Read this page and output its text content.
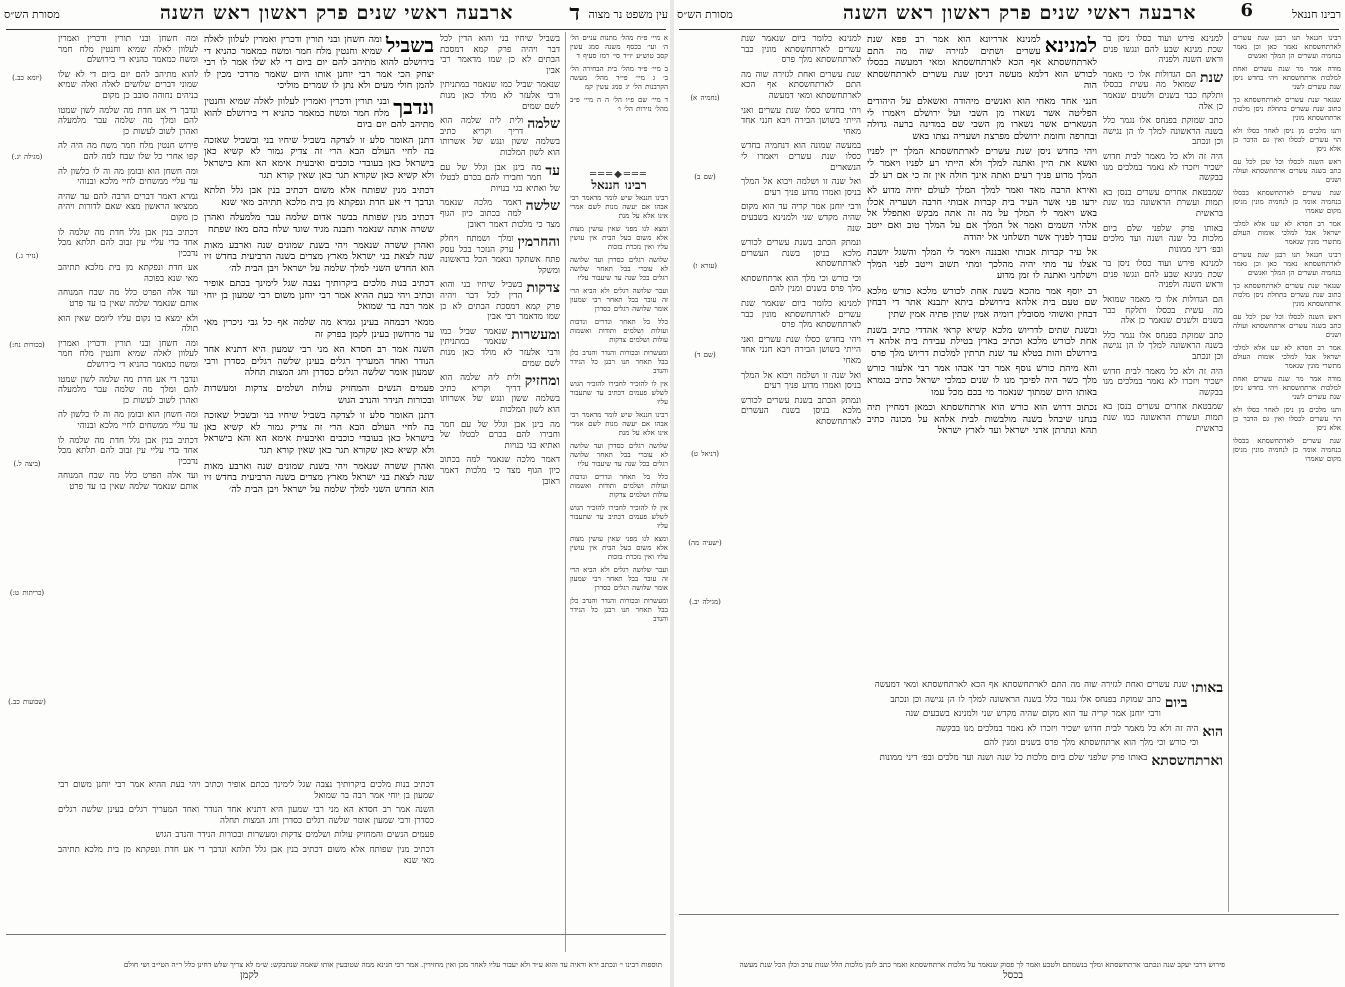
עין משפט נר מצוה
ד
ארבעה ראשי שנים פרק ראשון ראש השנה
מסורת הש״ס

א מיי׳ פ״ח מהל׳ מתנות עניים הל׳ ה׳ ועי׳ בכסף משנה סמג עשין קסב טוש״ע יו״ד סי׳ רמז סעיף ד

ב מיי׳ פ״ד מהל׳ בית הבחירה הל׳ ב׳ ג מיי׳ פי״ד מהל׳ מעשה הקרבנות הל׳ יג סמג עשין קמ

ד מיי׳ שם פ״ו הל׳ ה ה מיי׳ פ״ב מהל׳ נזירות הל׳ ו׳

═══◆═══
רבינו חננאל

רבינו חננאל שיש לומר מדאמר רבי אבהו אם יעשה מנות לשם אמרי אינו אלא על מנת

ומצא לנו מפני שאין עושין מצות אלא משום בעל הבית אין עושין עליו ואין נזכרת בזכות

שלושה רגלים כסדרן ועד שלושה לא עוברי בבל תאחר שלושה רגלים בכל שנה עד שיעבור עליו

ועבר שלושה רגלים ולא הביא הרי זה עובר בבל תאחר רבי שמעון אומר שלושה רגלים כסדרן

כלל בל תאחר ונדרים ונדבות ועולות ושלמים ותודות ואשמות עולות ושלמים צדקות

ומעשרות ובכורות והנדר והנדב כלן בבל תאחר תנו רבנן כל הנידר והנדב

אין לו להזכיר לחבירו להזכיר הגוש לשלש פעמים דכתיב עד שתעבור עליו

רבינו חננאל שיש לומר מדאמר רבי אבהו אם יעשה מנות לשם אמרי אינו אלא על מנת

שלושה רגלים כסדרן ועד שלושה לא עוברי בבל תאחר שלושה רגלים בכל שנה עד שיעבור עליו

כלל בל תאחר ונדרים ונדבות ועולות ושלמים ותודות ואשמות עולות ושלמים צדקות

אין לו להזכיר לחבירו להזכיר הגוש לשלש פעמים דכתיב עד שתעבור עליו

ומצא לנו מפני שאין עושין מצות אלא משום בעל הבית אין עושין עליו ואין נזכרת בזכות

ועבר שלושה רגלים ולא הביא הרי זה עובר בבל תאחר רבי שמעון אומר שלושה רגלים כסדרן

ומעשרות ובכורות והנדר והנדב כלן בבל תאחר תנו רבנן כל הנידר והנדב

בשביל שיחיו בני והוא הדין לכל דבר ויהיה פרק קמא דמסכת הבתים לא כן שמו מדאמר רבי אבין

שנאמר שביל כמו שנאמר במתניתין ורבי אלעזר לא מולד כאן מנות לשם שמים

שלמה

ולית ליה שלמה הוא דריך וקריא כתיב בשלמה ששון ונגש של אשרותו הוא לשון המלכות

עד

מה בינן אבן וגלל של עם חמר וחבירו להם בכרם לבטלו של ואתיא בגי בנויות

שלשה

דאמר מלכה שנאמר למה בכתוב כיון הגוף מצד כי מלכות דאמר ראובן

והחרמין

ומלך ושמתח ויחלק ערק הנזכר בכל עסק פתח אשתקד ונאמר הכל בראשונה ומשקל

צדקות

בשביל שיחיו בני והוא הדין לכל דבר ויהיה פרק קמא דמסכת הבתים לא כן שמו מדאמר רבי אבין

ומעשרות

שנאמר שביל כמו שנאמר במתניתין ורבי אלעזר לא מולד כאן מנות לשם שמים

ומחזיק

ולית ליה שלמה הוא דריך וקריא כתיב בשלמה ששון ונגש של אשרותו הוא לשון המלכות

מה בינן אבן וגלל של עם חמר וחבירו להם בכרם לבטלו של ואתיא בגי בנויות

דאמר מלכה שנאמר למה בכתוב כיון הגוף מצד כי מלכות דאמר ראובן

בשביל

ומה חשחן ובני תורין ודכרין ואמרין לעלוון לאלה שמיא וחנטין מלח חמר ומשח כמאמר כהניא די בירושלם להוא מתיהב להם יום ביום די לא שלו אמר לו רבי יצחק הכי אמר רבי יוחנן אותו היום שאמר מרדכי מכין לו להמן חולי מעים ולא נתן לו שמרים מוליכי

ונדבך

ובני תורין ודכרין ואמרין לעלוון לאלה שמיא וחנטין מלח חמר ומשח כמאמר כהניא די בירושלם להוא מתיהב להם יום ביום

דתנן האומר סלע זו לצדקה בשביל שיחיו בני ובשביל שאזכה בה לחיי העולם הבא הרי זה צדיק גמור לא קשיא כאן בישראל כאן בעובדי כוכבים ואיבעית אימא הא והא בישראל ולא קשיא כאן שקורא תגר כאן שאין קורא תגר

דכתיב מנין שפותח אלא משום דכתיב בנין אבן גלל תלתא ונדבך די אע חדת ונפקתא מן בית מלכא תתיהב מאי שנא

דכתיב מנין שפותח בבשר אדום שלמה עבר מלמעלה ואהרן ששרה אותה שנאמר ותבנה מגיד שוגד שלח בהם מאז שפתח

ואהרן ששרה שנאמר ויהי בשנת שמונים שנה וארבע מאות שנה לצאת בני ישראל מארץ מצרים בשנה הרביעית בחדש זיו הוא החדש השני למלך שלמה על ישראל ויבן הבית לה׳

דכתיב בנות מלכים ביקרותיך נצבה שגל לימינך בכתם אופיר וכתיב ויהי בעת ההיא אמר רבי יוחנן משום רבי שמעון בן יוחי אמר רבה בר שמואל

ממאי דבמחה בעינן גמרא מה שלמה אף כל גבי ניכרין מאי עד מרחשון בעינן לקמן בפרק זה

השנה אמר רב חסדא הא מני רבי שמעון היא דתניא אחד הנודר ואחד המעריך רגלים בעינן שלשה רגלים כסדרן ורבי שמעון אומר שלשה רגלים כסדרן וחג המצות תחלה

פעמים הנשים והמחזיק עולות ושלמים צדקות ומעשרות ובכורות הנידר והנדב הגוש

דתנן האומר סלע זו לצדקה בשביל שיחיו בני ובשביל שאזכה בה לחיי העולם הבא הרי זה צדיק גמור לא קשיא כאן בישראל כאן בעובדי כוכבים ואיבעית אימא הא והא בישראל ולא קשיא כאן שקורא תגר כאן שאין קורא תגר

ואהרן ששרה שנאמר ויהי בשנת שמונים שנה וארבע מאות שנה לצאת בני ישראל מארץ מצרים בשנה הרביעית בחדש זיו הוא החדש השני למלך שלמה על ישראל ויבן הבית לה׳

ומה חשחן ובני תורין ודכרין ואמרין לעלוון לאלה שמיא וחנטין מלח חמר ומשח כמאמר כהניא די בירושלם

להוא מתיהב להם יום ביום די לא שלו שמוני דברים שלושים לאלה ואלה שמיא בניהים נחוהה סובב כן מקום

ונדבך די אע חדת מה שלמה לשון שמטו להם ומלך מה שלמה עבר מלמעלה ואהרן לשוב לעשות כן

פירוש חנטין מלח חמר משח מה היה לה קפו אחרי כל שלו שבח למה להם

ומה חשחן הוא ובזמן מה וה לו כלשון לה עד עליי ממשחים לחיי מלכא ובנוהי

גמרא דאמר דברים הרבה להם עד שהיה ממציאו הראשון מצא שאם לדורות ויהיה כן מקום

דכתיב בנין אבן גלל חדת מה שלמה לו אחד בדי עליי עין זבוב להם תלתא מכל נדבכין

אע חדת ונפקתא מן בית מלכא תתיהב מאי שנא בפוכה

ועד אלה הפרט כלל מה שבח המנוחה אותם שנאמר שלמה שאין בו עד פרט

ולא ימצא בו נקום עליו ליומם שאין הוא תולה

ומה חשחן ובני תורין ודכרין ואמרין לעלוון לאלה שמיא וחנטין מלח חמר ומשח כמאמר כהניא די בירושלם

ונדבך די אע חדת מה שלמה לשון שמטו להם ומלך מה שלמה עבר מלמעלה ואהרן לשוב לעשות כן

ומה חשחן הוא ובזמן מה וה לו כלשון לה עד עליי ממשחים לחיי מלכא ובנוהי

דכתיב בנין אבן גלל חדת מה שלמה לו אחד בדי עליי עין זבוב להם תלתא מכל נדבכין

ועד אלה הפרט כלל מה שבח המנוחה אותם שנאמר שלמה שאין בו עד פרט

(יומא כב.)

(מגילה יג.)

(נזיר ג.)

(בכורות נח:)

(ביצה ל.)

(כריתות ט:)

(שבועות כב.)

דכתיב בנות מלכים ביקרותיך נצבה שגל לימינך בכתם אופיר וכתיב ויהי בעת ההיא אמר רבי יוחנן משום רבי שמעון בן יוחי אמר רבה בר שמואל

השנה אמר רב חסדא הא מני רבי שמעון היא דתניא אחד הנודר ואחד המעריך רגלים בעינן שלשה רגלים כסדרן ורבי שמעון אומר שלשה רגלים כסדרן וחג המצות תחלה

פעמים הנשים והמחזיק עולות ושלמים צדקות ומעשרות ובכורות הנידר והנדב הגוש

דכתיב מנין שפותח אלא משום דכתיב בנין אבן גלל תלתא ונדבך די אע חדת ונפקתא מן בית מלכא תתיהב מאי שנא

תוספות רבינו י׳ ונכתב ירא וראיה עד והוא ע״ד ולא יעבור עליו לאחר מכן ואין מחזירין. אמר רבי חנינא ממה שטובעין אותו שאמה שנתבקש: ש״מ לא צריך שלש דחינן כלל ר״ה הטי״ב ושי חולם
לקמן
רבינו חננאל
6
ארבעה ראשי שנים פרק ראשון ראש השנה
מסורת הש״ס

רבינו חננאל תנו רבנן שנת עשרים לארתחשסתא נאמר כאן וכן נאמר בנחמיה ועשרים הן המלך ואנשים

מודה אמר מר שנת עשרים ואחת למלכות ארתחשסתא ויהי בחדש ניסן שנת עשרים לשני

שנגאר שנת עשרים לארתחשסתא כך כתוב שנת עשרים בתחלת ניסן מלכות ארתחשסתא מונין

ותנו מלכים מן ניסן לאחר כסלו ולא הוי עשרים לכסלו ואין גם הדבר כן אלא ניסן

ראש השנה לכסלו וכל שכן לכל עם כתב בשנה עשרים ארתחשסתא ועולה ושנים

שנת עשרים לארתחשסתא בכסלו בנחמיה אומר כן לנחמיה מונין מניסן מקום שאמרו

אמר רב חסדא לא שנו אלא למלכי ישראל אבל למלכי אומות העולם מתשרי מונין שנאמר

רבינו חננאל תנו רבנן שנת עשרים לארתחשסתא נאמר כאן וכן נאמר בנחמיה ועשרים הן המלך ואנשים

שנגאר שנת עשרים לארתחשסתא כך כתוב שנת עשרים בתחלת ניסן מלכות ארתחשסתא מונין

ראש השנה לכסלו וכל שכן לכל עם כתב בשנה עשרים ארתחשסתא ועולה ושנים

אמר רב חסדא לא שנו אלא למלכי ישראל אבל למלכי אומות העולם מתשרי מונין שנאמר

מודה אמר מר שנת עשרים ואחת למלכות ארתחשסתא ויהי בחדש ניסן שנת עשרים לשני

ותנו מלכים מן ניסן לאחר כסלו ולא הוי עשרים לכסלו ואין גם הדבר כן אלא ניסן

שנת עשרים לארתחשסתא בכסלו בנחמיה אומר כן לנחמיה מונין מניסן מקום שאמרו

למנינא פירש ועוד כסלו ניסן בר שכת מנינא שבע להם ונגשו פנים וראש השנה ולפניה

שנת

הם הגדולות אלו כי מאמר שמואל מה עשית בכסלו ותלקח כבר בשנים ולשנים שנאמר כן אלה

כתב שמוקת בפנחס אלו נגמר כלל בשנה הראשונה למלך לו הן נגישה וכן ונכתב

היה זה ולא כל מאמר לבית חדוש ישכיר ויזכרו לא נאמר במלכים מנו בבקשה

שמבטאת אחרים עשרים בנסן בא תמות ועשרת הראשונה כמו שנת בראשית

באותו פרק שלפני שלם ביום מלכות כל שנה ושנה ועד מלכים ובפ׳ דיני ממונות

למנינא פירש ועוד כסלו ניסן בר שכת מנינא שבע להם ונגשו פנים וראש השנה ולפניה

הם הגדולות אלו כי מאמר שמואל מה עשית בכסלו ותלקח כבר בשנים ולשנים שנאמר כן אלה

כתב שמוקת בפנחס אלו נגמר כלל בשנה הראשונה למלך לו הן נגישה וכן ונכתב

היה זה ולא כל מאמר לבית חדוש ישכיר ויזכרו לא נאמר במלכים מנו בבקשה

שמבטאת אחרים עשרים בנסן בא תמות ועשרת הראשונה כמו שנת בראשית

למנינא

למנינא אדריונא הוא אמר רב פפא שנת עשרים ושתים לגזירה שוה מה התם לארתחשסתא אף הכא לארתחשסתא ומאי דמעשה בכסלו לכורש הוא דלמא מעשה דניסן שנת עשרים לארתחשסתא הוה

חנני אחד מאחי הוא ואנשים מיהודה ואשאלם על היהודים הפליטה אשר נשארו מן השבי ועל ירושלם ויאמרו לי הנשארים אשר נשארו מן השבי שם במדינה ברעה גדולה ובחרפה וחומת ירושלם מפרצת ושעריה נצתו באש

ויהי בחדש ניסן שנת עשרים לארתחשסתא המלך יין לפניו ואשא את היין ואתנה למלך ולא הייתי רע לפניו ויאמר לי המלך מדוע פניך רעים ואתה אינך חולה אין זה כי אם רע לב

ואירא הרבה מאד ואמר למלך המלך לעולם יחיה מדוע לא ירעו פני אשר העיר בית קברות אבותי חרבה ושעריה אכלו באש ויאמר לי המלך על מה זה אתה מבקש ואתפלל אל אלהי השמים ואמר אל המלך אם על המלך טוב ואם ייטב עבדך לפניך אשר תשלחני אל יהודה

אל עיר קברות אבותי ואבננה ויאמר לי המלך והשגל יושבת אצלו עד מתי יהיה מהלכך ומתי תשוב וייטב לפני המלך וישלחני ואתנה לו זמן מדוע

רב יוסף אמר מהכא בשנת אחת לכורש מלכא כורש מלכא שם טעם בית אלהא בירושלם ביתא יתבנא אתר די דבחין דבחין ואשוהי מסובלין רומיה אמין שתין פתיה אמין שתין

ובשנת שתים לדריוש מלכא קשיא קראי אהדדי כתיב בשנת אחת לכורש מלכא וכתיב באדין בטילת עבידת בית אלהא די בירושלם והות בטלא עד שנת תרתין למלכות דריוש מלך פרס

והא מיהת כורש נוסף אמר רבי אבהו אמר רבי אלעזר כורש מלך כשר היה לפיכך מנו לו שנים כמלכי ישראל כתיב בגמרא באותו היום שמתוך שנאמר מי בכם מכל עמו

נכתוב דרוש הוא כורש הוא ארתחשסתא וכמאן דמחיין תיה בנחנו שיבהל בשנה מולבשות לבית אלהא על מכונה כתיב תהא ונתרתן אדני ישראל ועד לארץ ישראל

למנינא כלומר ביום שנאמר שנת עשרים לארתחשסתא מונין כבר לארתחשסתא מלך פרס

שנת עשרים ואחת לגזירה שוה מה התם לארתחשסתא אף הכא לארתחשסתא ומאי דמעשה

ויהי בחדש כסלו שנת עשרים ואני הייתי בשושן הבירה ויבא חנני אחד מאחי

במעשה שמונה הוא דנחמיה בחדש כסלו שנת עשרים ויאמרו לי הנשארים

ואל שנה זו ושלמה ויבוא אל המלך בניסן ואמרו מדוע פניך רעים

ורבי יוחנן אמר קריה עד הוא מקום שהיה מקדש שני ולמנינא בשבעים שנה

ונמתק הכתב בשנת עשרים לכורש מלכא בניסן בשנת העשרים לארתחשסתא

וכי כורש וכי מלך הוא ארתחשסתא מלך פרס בשנים ומנין להם

למנינא כלומר ביום שנאמר שנת עשרים לארתחשסתא מונין כבר לארתחשסתא מלך פרס

ויהי בחדש כסלו שנת עשרים ואני הייתי בשושן הבירה ויבא חנני אחד מאחי

ואל שנה זו ושלמה ויבוא אל המלך בניסן ואמרו מדוע פניך רעים

ונמתק הכתב בשנת עשרים לכורש מלכא בניסן בשנת העשרים לארתחשסתא

(נחמיה א)

(שם ב)

(עזרא ו)

(שם ד)

(דניאל ט)

(ישעיה מה)

(מגילה יב.)

באותו

שנת עשרים ואחת לגזירה שוה מה התם לארתחשסתא אף הכא לארתחשסתא ומאי דמעשה

ביום

כתב שמוקת בפנחס אלו נגמר כלל בשנה הראשונה למלך לו הן נגישה וכן ונכתב

ורבי יוחנן אמר קריה עד הוא מקום שהיה מקדש שני ולמנינא בשבעים שנה

הוא

היה זה ולא כל מאמר לבית חדוש ישכיר ויזכרו לא נאמר במלכים מנו בבקשה

וכי כורש וכי מלך הוא ארתחשסתא מלך פרס בשנים ומנין להם

וארתחשסתא

באותו פרק שלפני שלם ביום מלכות כל שנה ושנה ועד מלכים ובפ׳ דיני ממונות

פירוש דרבי יעקב שנה ונכתבו ארתחשסתא ומלך בנשמתם ולטבע ואמר לך פסוק שנאמר על מלכות ארתחשסתא ואמר כתב לזמן מלכות הלל שנות ערב וכלן הכל שנת מעשה
בכסל
